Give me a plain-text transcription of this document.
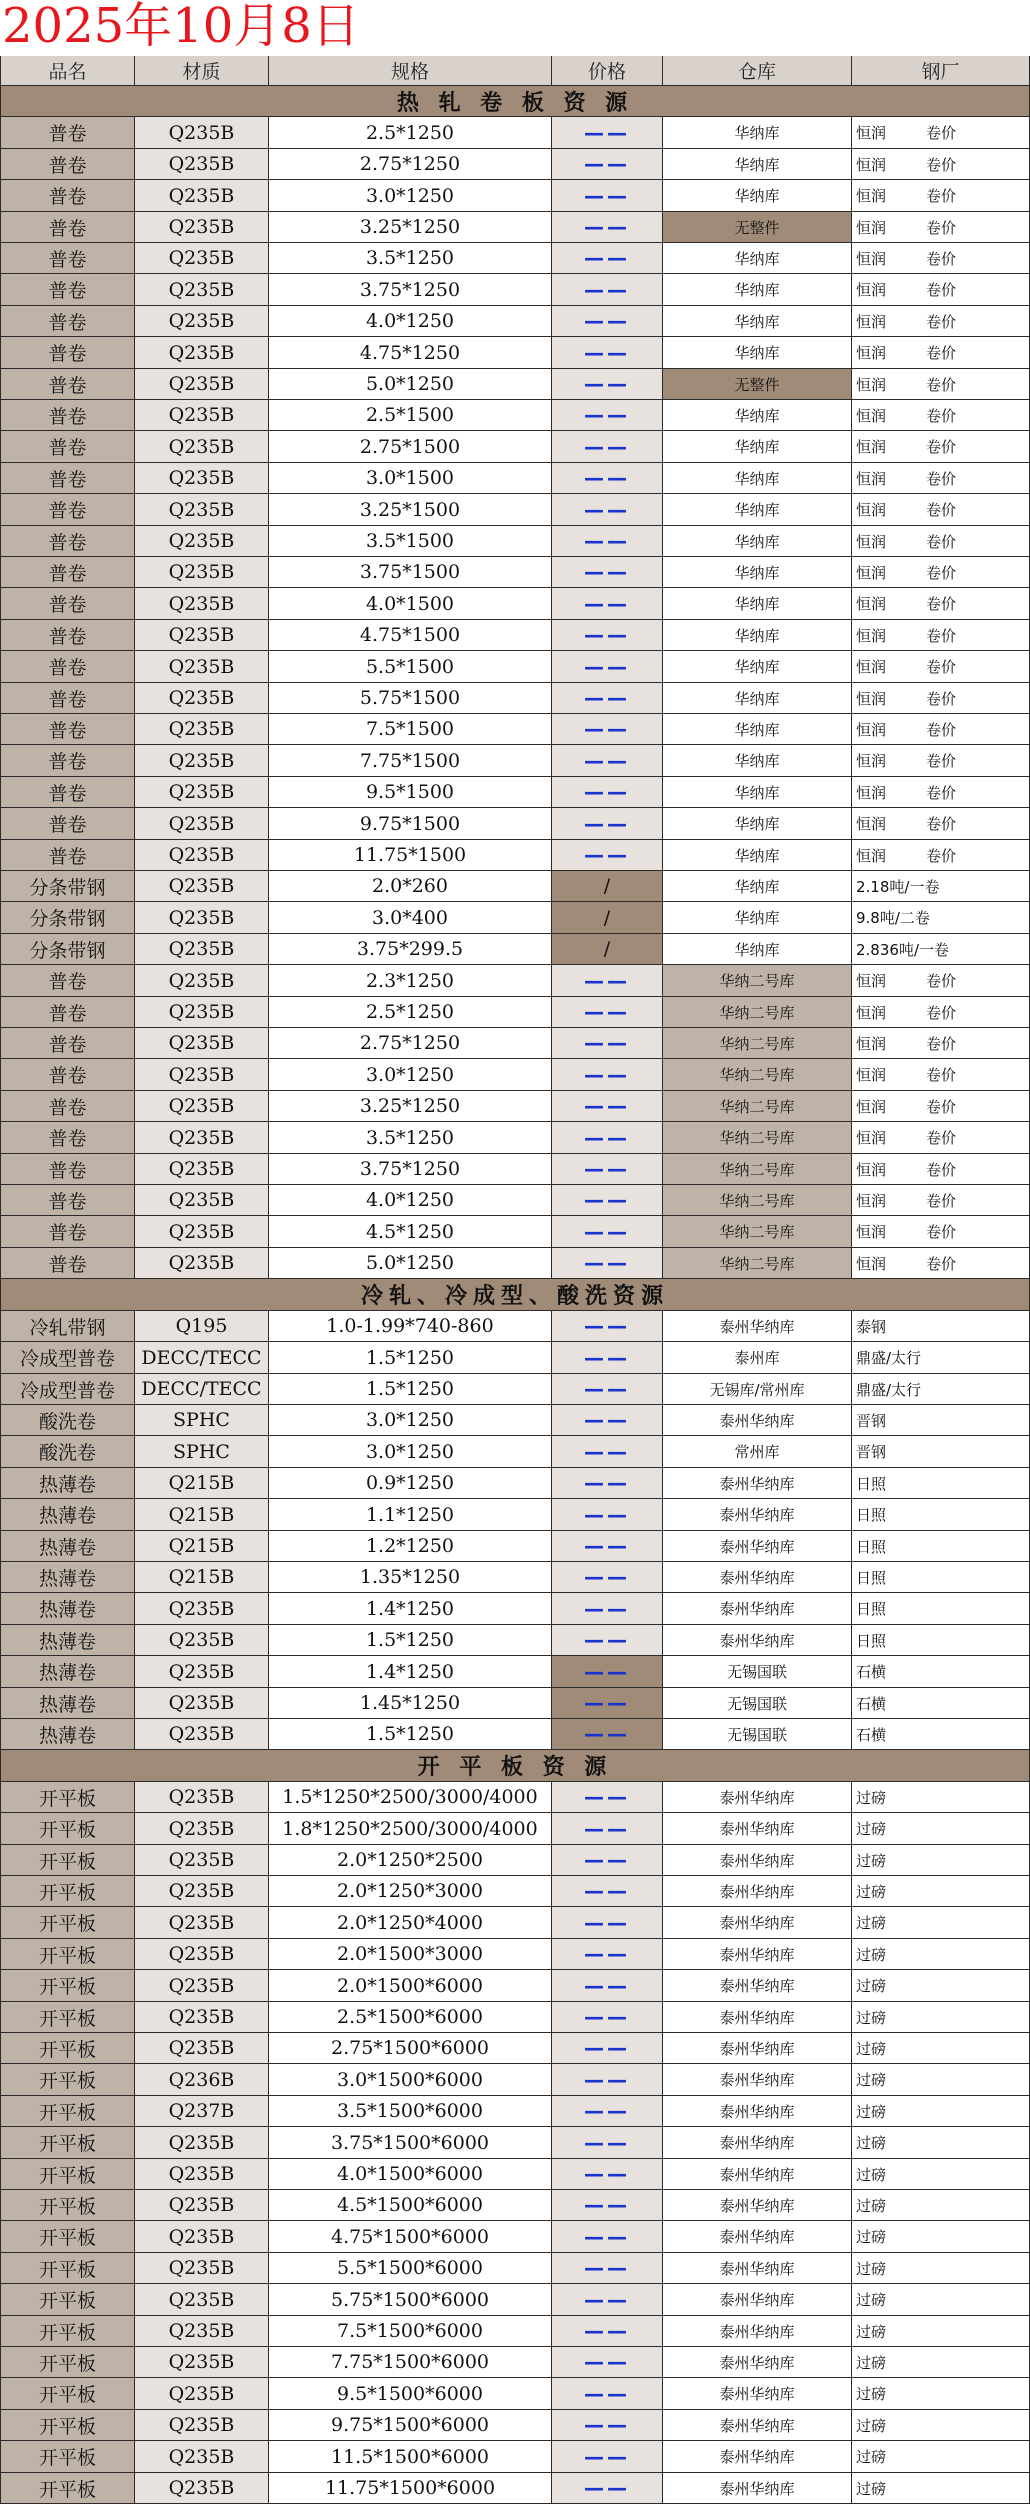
2025年10月8日
品名	材质	规格	价格	仓库	钢厂
热 轧 卷 板 资 源
普卷	Q235B	2.5*1250	——	华纳库	恒润	卷价
普卷	Q235B	2.75*1250	——	华纳库	恒润	卷价
普卷	Q235B	3.0*1250	——	华纳库	恒润	卷价
普卷	Q235B	3.25*1250	——	无整件	恒润	卷价
普卷	Q235B	3.5*1250	——	华纳库	恒润	卷价
普卷	Q235B	3.75*1250	——	华纳库	恒润	卷价
普卷	Q235B	4.0*1250	——	华纳库	恒润	卷价
普卷	Q235B	4.75*1250	——	华纳库	恒润	卷价
普卷	Q235B	5.0*1250	——	无整件	恒润	卷价
普卷	Q235B	2.5*1500	——	华纳库	恒润	卷价
普卷	Q235B	2.75*1500	——	华纳库	恒润	卷价
普卷	Q235B	3.0*1500	——	华纳库	恒润	卷价
普卷	Q235B	3.25*1500	——	华纳库	恒润	卷价
普卷	Q235B	3.5*1500	——	华纳库	恒润	卷价
普卷	Q235B	3.75*1500	——	华纳库	恒润	卷价
普卷	Q235B	4.0*1500	——	华纳库	恒润	卷价
普卷	Q235B	4.75*1500	——	华纳库	恒润	卷价
普卷	Q235B	5.5*1500	——	华纳库	恒润	卷价
普卷	Q235B	5.75*1500	——	华纳库	恒润	卷价
普卷	Q235B	7.5*1500	——	华纳库	恒润	卷价
普卷	Q235B	7.75*1500	——	华纳库	恒润	卷价
普卷	Q235B	9.5*1500	——	华纳库	恒润	卷价
普卷	Q235B	9.75*1500	——	华纳库	恒润	卷价
普卷	Q235B	11.75*1500	——	华纳库	恒润	卷价
分条带钢	Q235B	2.0*260	/	华纳库	2.18吨/一卷
分条带钢	Q235B	3.0*400	/	华纳库	9.8吨/二卷
分条带钢	Q235B	3.75*299.5	/	华纳库	2.836吨/一卷
普卷	Q235B	2.3*1250	——	华纳二号库	恒润	卷价
普卷	Q235B	2.5*1250	——	华纳二号库	恒润	卷价
普卷	Q235B	2.75*1250	——	华纳二号库	恒润	卷价
普卷	Q235B	3.0*1250	——	华纳二号库	恒润	卷价
普卷	Q235B	3.25*1250	——	华纳二号库	恒润	卷价
普卷	Q235B	3.5*1250	——	华纳二号库	恒润	卷价
普卷	Q235B	3.75*1250	——	华纳二号库	恒润	卷价
普卷	Q235B	4.0*1250	——	华纳二号库	恒润	卷价
普卷	Q235B	4.5*1250	——	华纳二号库	恒润	卷价
普卷	Q235B	5.0*1250	——	华纳二号库	恒润	卷价
冷轧、冷成型、酸洗资源
冷轧带钢	Q195	1.0-1.99*740-860	——	泰州华纳库	泰钢
冷成型普卷	DECC/TECC	1.5*1250	——	泰州库	鼎盛/太行
冷成型普卷	DECC/TECC	1.5*1250	——	无锡库/常州库	鼎盛/太行
酸洗卷	SPHC	3.0*1250	——	泰州华纳库	晋钢
酸洗卷	SPHC	3.0*1250	——	常州库	晋钢
热薄卷	Q215B	0.9*1250	——	泰州华纳库	日照
热薄卷	Q215B	1.1*1250	——	泰州华纳库	日照
热薄卷	Q215B	1.2*1250	——	泰州华纳库	日照
热薄卷	Q215B	1.35*1250	——	泰州华纳库	日照
热薄卷	Q235B	1.4*1250	——	泰州华纳库	日照
热薄卷	Q235B	1.5*1250	——	泰州华纳库	日照
热薄卷	Q235B	1.4*1250	——	无锡国联	石横
热薄卷	Q235B	1.45*1250	——	无锡国联	石横
热薄卷	Q235B	1.5*1250	——	无锡国联	石横
开 平 板 资 源
开平板	Q235B	1.5*1250*2500/3000/4000	——	泰州华纳库	过磅
开平板	Q235B	1.8*1250*2500/3000/4000	——	泰州华纳库	过磅
开平板	Q235B	2.0*1250*2500	——	泰州华纳库	过磅
开平板	Q235B	2.0*1250*3000	——	泰州华纳库	过磅
开平板	Q235B	2.0*1250*4000	——	泰州华纳库	过磅
开平板	Q235B	2.0*1500*3000	——	泰州华纳库	过磅
开平板	Q235B	2.0*1500*6000	——	泰州华纳库	过磅
开平板	Q235B	2.5*1500*6000	——	泰州华纳库	过磅
开平板	Q235B	2.75*1500*6000	——	泰州华纳库	过磅
开平板	Q236B	3.0*1500*6000	——	泰州华纳库	过磅
开平板	Q237B	3.5*1500*6000	——	泰州华纳库	过磅
开平板	Q235B	3.75*1500*6000	——	泰州华纳库	过磅
开平板	Q235B	4.0*1500*6000	——	泰州华纳库	过磅
开平板	Q235B	4.5*1500*6000	——	泰州华纳库	过磅
开平板	Q235B	4.75*1500*6000	——	泰州华纳库	过磅
开平板	Q235B	5.5*1500*6000	——	泰州华纳库	过磅
开平板	Q235B	5.75*1500*6000	——	泰州华纳库	过磅
开平板	Q235B	7.5*1500*6000	——	泰州华纳库	过磅
开平板	Q235B	7.75*1500*6000	——	泰州华纳库	过磅
开平板	Q235B	9.5*1500*6000	——	泰州华纳库	过磅
开平板	Q235B	9.75*1500*6000	——	泰州华纳库	过磅
开平板	Q235B	11.5*1500*6000	——	泰州华纳库	过磅
开平板	Q235B	11.75*1500*6000	——	泰州华纳库	过磅
